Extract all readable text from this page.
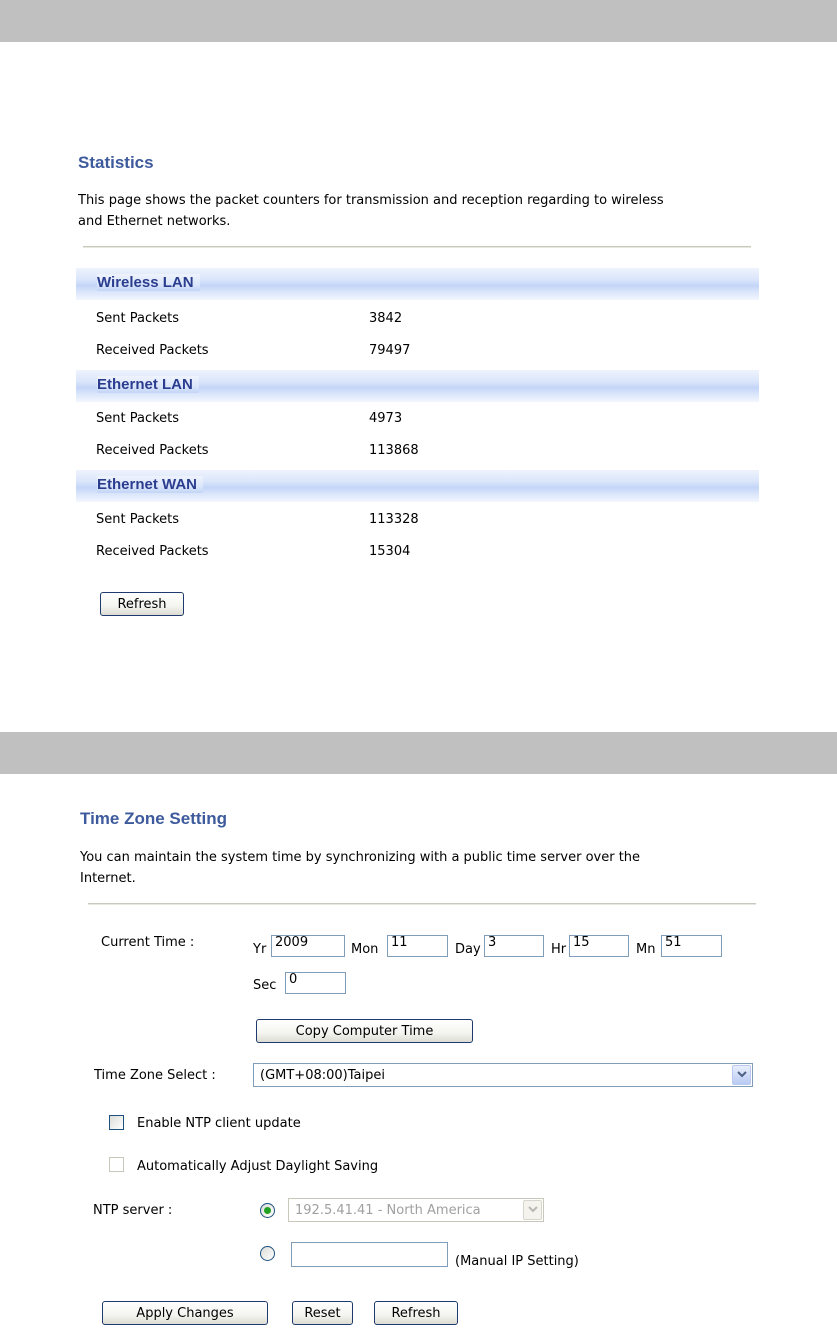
Statistics
This page shows the packet counters for transmission and reception regarding to wireless
and Ethernet networks.
Wireless LAN
Sent Packets	3842
Received Packets	79497
Ethernet LAN
Sent Packets	4973
Received Packets	113868
Ethernet WAN
Sent Packets	113328
Received Packets	15304
Refresh
Time Zone Setting
You can maintain the system time by synchronizing with a public time server over the
Internet.
Current Time :	Yr 2009	Mon 11	Day 3	Hr 15	Mn 51
Sec 0
Copy Computer Time
Time Zone Select :	(GMT+08:00)Taipei
Enable NTP client update
Automatically Adjust Daylight Saving
NTP server :	192.5.41.41 - North America
(Manual IP Setting)
Apply Changes	Reset	Refresh
